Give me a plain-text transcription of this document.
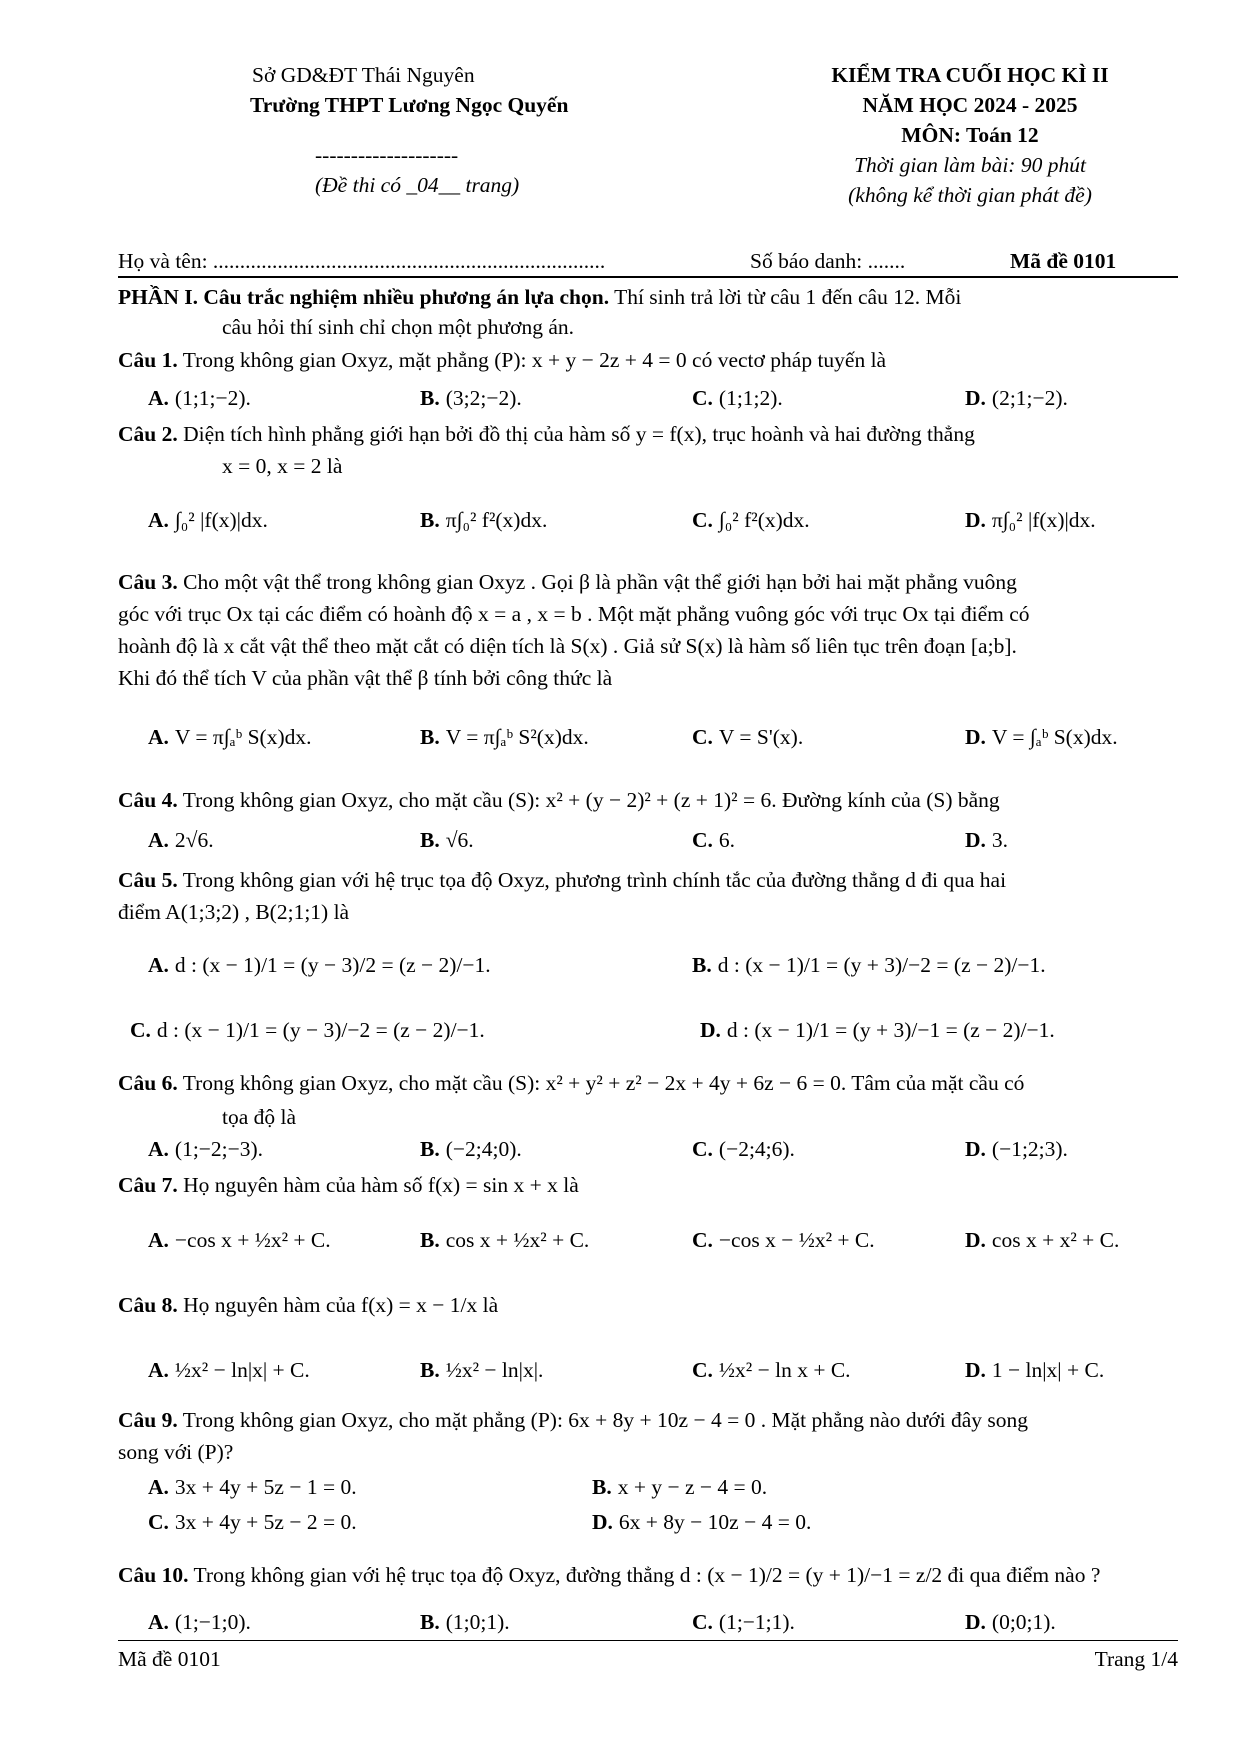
Sở GD&ĐT Thái Nguyên
Trường THPT Lương Ngọc Quyến
--------------------
(Đề thi có _04__ trang)
KIỂM TRA CUỐI HỌC KÌ II
NĂM HỌC 2024 - 2025
MÔN: Toán 12
Thời gian làm bài: 90 phút
(không kể thời gian phát đề)
Họ và tên: .........................................................................	Số báo danh: .......	Mã đề 0101
PHẦN I. Câu trắc nghiệm nhiều phương án lựa chọn. Thí sinh trả lời từ câu 1 đến câu 12. Mỗi
câu hỏi thí sinh chỉ chọn một phương án.
Câu 1. Trong không gian Oxyz, mặt phẳng (P): x + y − 2z + 4 = 0 có vectơ pháp tuyến là
A. (1;1;−2).	B. (3;2;−2).	C. (1;1;2).	D. (2;1;−2).
Câu 2. Diện tích hình phẳng giới hạn bởi đồ thị của hàm số y = f(x), trục hoành và hai đường thẳng
x = 0, x = 2 là
A. ∫₀² |f(x)|dx.	B. π∫₀² f²(x)dx.	C. ∫₀² f²(x)dx.	D. π∫₀² |f(x)|dx.
Câu 3. Cho một vật thể trong không gian Oxyz . Gọi β là phần vật thể giới hạn bởi hai mặt phẳng vuông
góc với trục Ox tại các điểm có hoành độ x = a , x = b . Một mặt phẳng vuông góc với trục Ox tại điểm có
hoành độ là x cắt vật thể theo mặt cắt có diện tích là S(x) . Giả sử S(x) là hàm số liên tục trên đoạn [a;b].
Khi đó thể tích V của phần vật thể β tính bởi công thức là
A. V = π∫ₐᵇ S(x)dx.	B. V = π∫ₐᵇ S²(x)dx.	C. V = S'(x).	D. V = ∫ₐᵇ S(x)dx.
Câu 4. Trong không gian Oxyz, cho mặt cầu (S): x² + (y − 2)² + (z + 1)² = 6. Đường kính của (S) bằng
A. 2√6.	B. √6.	C. 6.	D. 3.
Câu 5. Trong không gian với hệ trục tọa độ Oxyz, phương trình chính tắc của đường thẳng d đi qua hai
điểm A(1;3;2) , B(2;1;1) là
A. d : (x − 1)/1 = (y − 3)/2 = (z − 2)/−1.	B. d : (x − 1)/1 = (y + 3)/−2 = (z − 2)/−1.
C. d : (x − 1)/1 = (y − 3)/−2 = (z − 2)/−1.	D. d : (x − 1)/1 = (y + 3)/−1 = (z − 2)/−1.
Câu 6. Trong không gian Oxyz, cho mặt cầu (S): x² + y² + z² − 2x + 4y + 6z − 6 = 0. Tâm của mặt cầu có
tọa độ là
A. (1;−2;−3).	B. (−2;4;0).	C. (−2;4;6).	D. (−1;2;3).
Câu 7. Họ nguyên hàm của hàm số f(x) = sin x + x là
A. −cos x + ½x² + C.	B. cos x + ½x² + C.	C. −cos x − ½x² + C.	D. cos x + x² + C.
Câu 8. Họ nguyên hàm của f(x) = x − 1/x là
A. ½x² − ln|x| + C.	B. ½x² − ln|x|.	C. ½x² − ln x + C.	D. 1 − ln|x| + C.
Câu 9. Trong không gian Oxyz, cho mặt phẳng (P): 6x + 8y + 10z − 4 = 0 . Mặt phẳng nào dưới đây song
song với (P)?
A. 3x + 4y + 5z − 1 = 0.	B. x + y − z − 4 = 0.
C. 3x + 4y + 5z − 2 = 0.	D. 6x + 8y − 10z − 4 = 0.
Câu 10. Trong không gian với hệ trục tọa độ Oxyz, đường thẳng d : (x − 1)/2 = (y + 1)/−1 = z/2 đi qua điểm nào ?
A. (1;−1;0).	B. (1;0;1).	C. (1;−1;1).	D. (0;0;1).
Mã đề 0101	Trang 1/4
